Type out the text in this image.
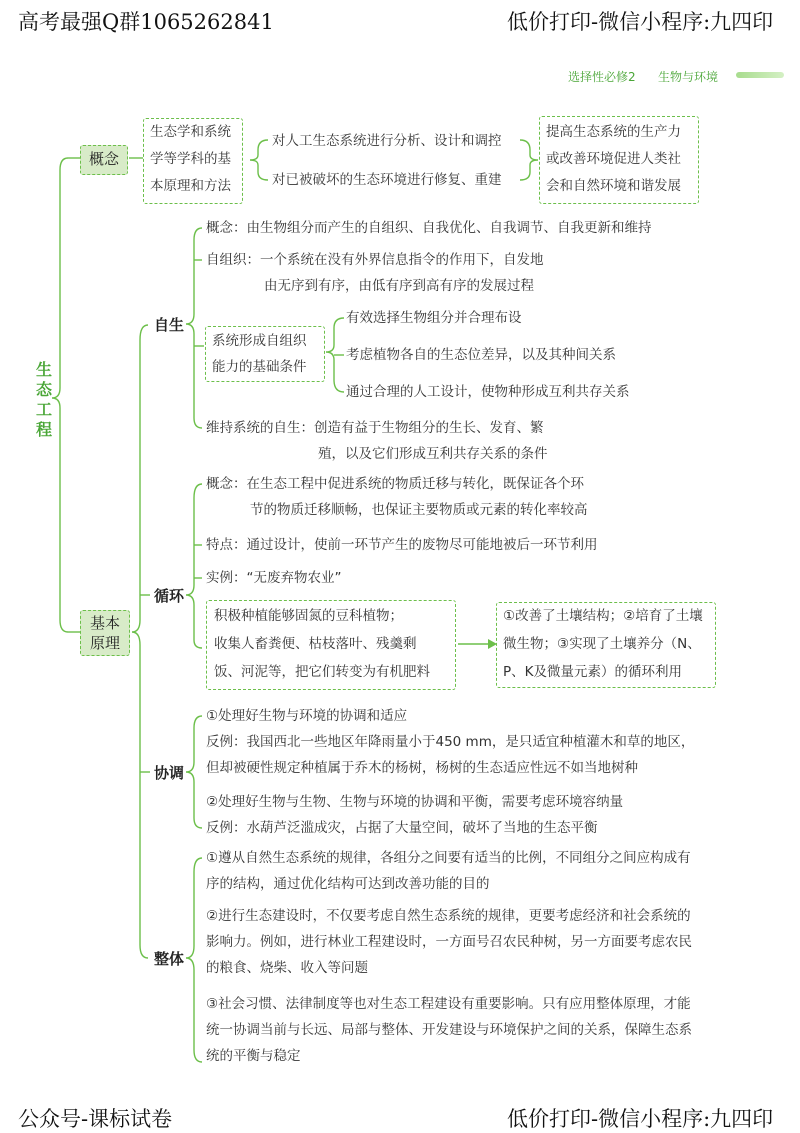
高考最强Q群1065262841	低价打印-微信小程序:九四印
公众号-课标试卷	低价打印-微信小程序:九四印
选择性必修2 生物与环境
生
态
工
程
概念
生态学和系统
学等学科的基
本原理和方法
对人工生态系统进行分析、设计和调控
对已被破坏的生态环境进行修复、重建
提高生态系统的生产力
或改善环境促进人类社
会和自然环境和谐发展
基本
原理
自生
概念：由生物组分而产生的自组织、自我优化、自我调节、自我更新和维持
自组织：一个系统在没有外界信息指令的作用下，自发地
由无序到有序，由低有序到高有序的发展过程
系统形成自组织
能力的基础条件
有效选择生物组分并合理布设
考虑植物各自的生态位差异，以及其种间关系
通过合理的人工设计，使物种形成互利共存关系
维持系统的自生：创造有益于生物组分的生长、发育、繁
殖，以及它们形成互利共存关系的条件
循环
概念：在生态工程中促进系统的物质迁移与转化，既保证各个环
节的物质迁移顺畅，也保证主要物质或元素的转化率较高
特点：通过设计，使前一环节产生的废物尽可能地被后一环节利用
实例：“无废弃物农业”
积极种植能够固氮的豆科植物；
收集人畜粪便、枯枝落叶、残羹剩
饭、河泥等，把它们转变为有机肥料
①改善了土壤结构；②培育了土壤
微生物；③实现了土壤养分（N、
P、K及微量元素）的循环利用
协调
①处理好生物与环境的协调和适应
反例：我国西北一些地区年降雨量小于450 mm，是只适宜种植灌木和草的地区，
但却被硬性规定种植属于乔木的杨树，杨树的生态适应性远不如当地树种
②处理好生物与生物、生物与环境的协调和平衡，需要考虑环境容纳量
反例：水葫芦泛滥成灾，占据了大量空间，破坏了当地的生态平衡
整体
①遵从自然生态系统的规律，各组分之间要有适当的比例，不同组分之间应构成有
序的结构，通过优化结构可达到改善功能的目的
②进行生态建设时，不仅要考虑自然生态系统的规律，更要考虑经济和社会系统的
影响力。例如，进行林业工程建设时，一方面号召农民种树，另一方面要考虑农民
的粮食、烧柴、收入等问题
③社会习惯、法律制度等也对生态工程建设有重要影响。只有应用整体原理，才能
统一协调当前与长远、局部与整体、开发建设与环境保护之间的关系，保障生态系
统的平衡与稳定
